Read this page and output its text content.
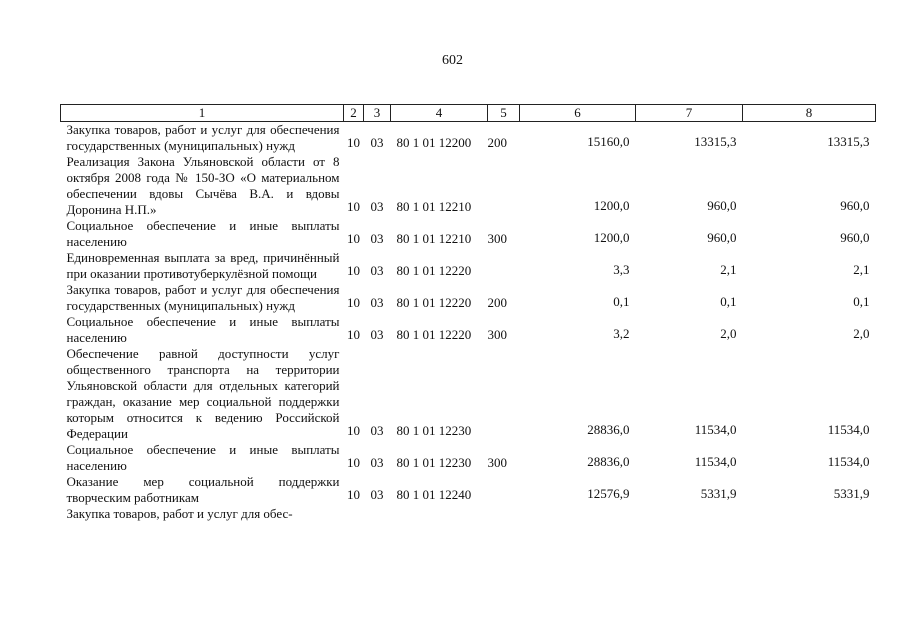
602
1	2	3	4	5	6	7	8
Закупка товаров, работ и услуг для обеспечения государственных (муниципальных) нужд	10	03	80 1 01 12200	200	15160,0	13315,3	13315,3
Реализация Закона Ульяновской области от 8 октября 2008 года № 150-ЗО «О материальном обеспечении вдовы Сычёва В.А. и вдовы Доронина Н.П.»	10	03	80 1 01 12210		1200,0	960,0	960,0
Социальное обеспечение и иные выплаты населению	10	03	80 1 01 12210	300	1200,0	960,0	960,0
Единовременная выплата за вред, причинённый при оказании противотуберкулёзной помощи	10	03	80 1 01 12220		3,3	2,1	2,1
Закупка товаров, работ и услуг для обеспечения государственных (муниципальных) нужд	10	03	80 1 01 12220	200	0,1	0,1	0,1
Социальное обеспечение и иные выплаты населению	10	03	80 1 01 12220	300	3,2	2,0	2,0
Обеспечение равной доступности услуг общественного транспорта на территории Ульяновской области для отдельных категорий граждан, оказание мер социальной поддержки которым относится к ведению Российской Федерации	10	03	80 1 01 12230		28836,0	11534,0	11534,0
Социальное обеспечение и иные выплаты населению	10	03	80 1 01 12230	300	28836,0	11534,0	11534,0
Оказание мер социальной поддержки творческим работникам	10	03	80 1 01 12240		12576,9	5331,9	5331,9
Закупка товаров, работ и услуг для обес-							
